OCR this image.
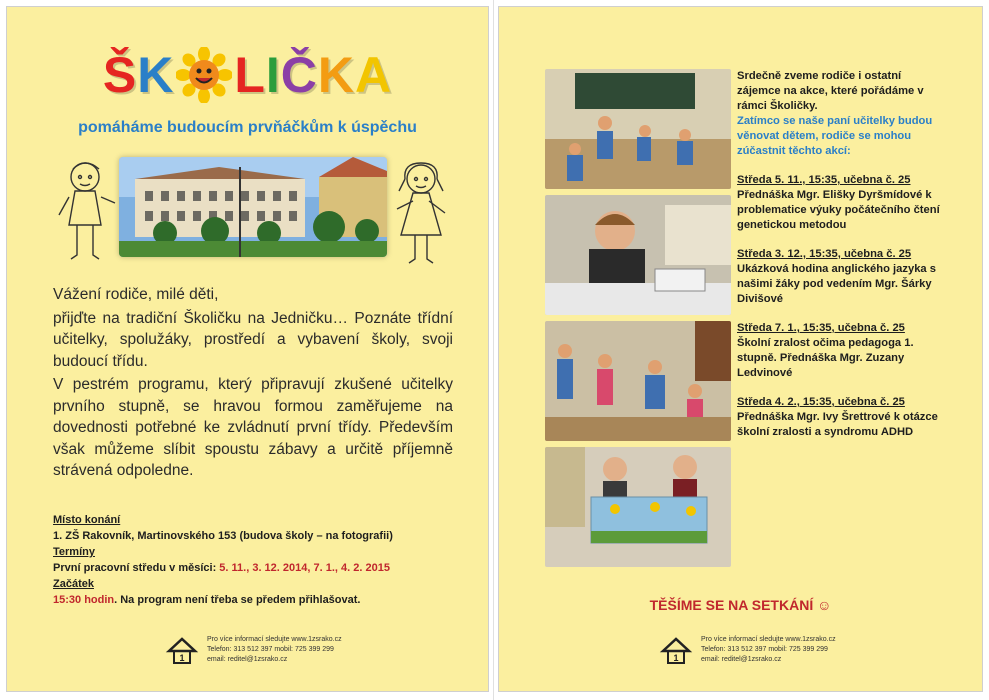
ŠK LIČKA
pomáháme budoucím prvňáčkům k úspěchu

Vážení rodiče, milé děti,

přijďte na tradiční Školičku na Jedničku… Poznáte třídní učitelky, spolužáky, prostředí a vybavení školy, svoji budoucí třídu.

V pestrém programu, který připravují zkušené učitelky prvního stupně, se hravou formou zaměřujeme na dovednosti potřebné ke zvládnutí první třídy. Především však můžeme slíbit spoustu zábavy a určitě příjemně strávená odpoledne.

Místo konání
1. ZŠ Rakovník, Martinovského 153 (budova školy – na fotografii)
Termíny
První pracovní středu v měsíci: 5. 11., 3. 12. 2014, 7. 1., 4. 2. 2015
Začátek
15:30 hodin. Na program není třeba se předem přihlašovat.
1
Pro více informací sledujte www.1zsrako.cz
Telefon: 313 512 397 mobil: 725 399 299
email: reditel@1zsrako.cz
Srdečně zveme rodiče i ostatní zájemce na akce, které pořádáme v rámci Školičky.
Zatímco se naše paní učitelky budou věnovat dětem, rodiče se mohou zúčastnit těchto akcí:
Středa 5. 11., 15:35, učebna č. 25
Přednáška Mgr. Elišky Dyršmídové k problematice výuky počátečního čtení genetickou metodou
Středa 3. 12., 15:35, učebna č. 25
Ukázková hodina anglického jazyka s našimi žáky pod vedením Mgr. Šárky Divišové
Středa 7. 1., 15:35, učebna č. 25
Školní zralost očima pedagoga 1. stupně. Přednáška Mgr. Zuzany Ledvinové
Středa 4. 2., 15:35, učebna č. 25
Přednáška Mgr. Ivy Šrettrové k otázce školní zralosti a syndromu ADHD
TĚŠÍME SE NA SETKÁNÍ ☺
1
Pro více informací sledujte www.1zsrako.cz
Telefon: 313 512 397 mobil: 725 399 299
email: reditel@1zsrako.cz
